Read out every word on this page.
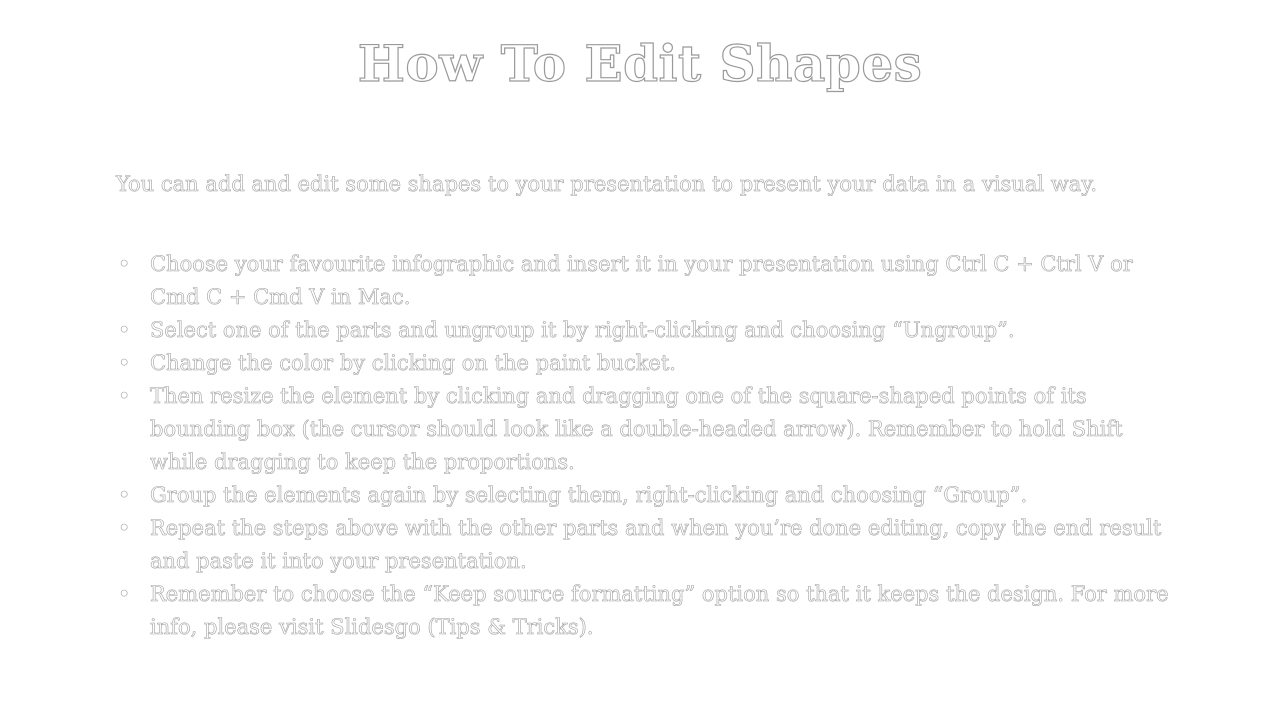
How To Edit Shapes

You can add and edit some shapes to your presentation to present your data in a visual way.

• Choose your favourite infographic and insert it in your presentation using Ctrl C + Ctrl V or Cmd C + Cmd V in Mac.
• Select one of the parts and ungroup it by right-clicking and choosing “Ungroup”.
• Change the color by clicking on the paint bucket.
• Then resize the element by clicking and dragging one of the square-shaped points of its bounding box (the cursor should look like a double-headed arrow). Remember to hold Shift while dragging to keep the proportions.
• Group the elements again by selecting them, right-clicking and choosing “Group”.
• Repeat the steps above with the other parts and when you’re done editing, copy the end result and paste it into your presentation.
• Remember to choose the “Keep source formatting” option so that it keeps the design. For more info, please visit Slidesgo (Tips & Tricks).
